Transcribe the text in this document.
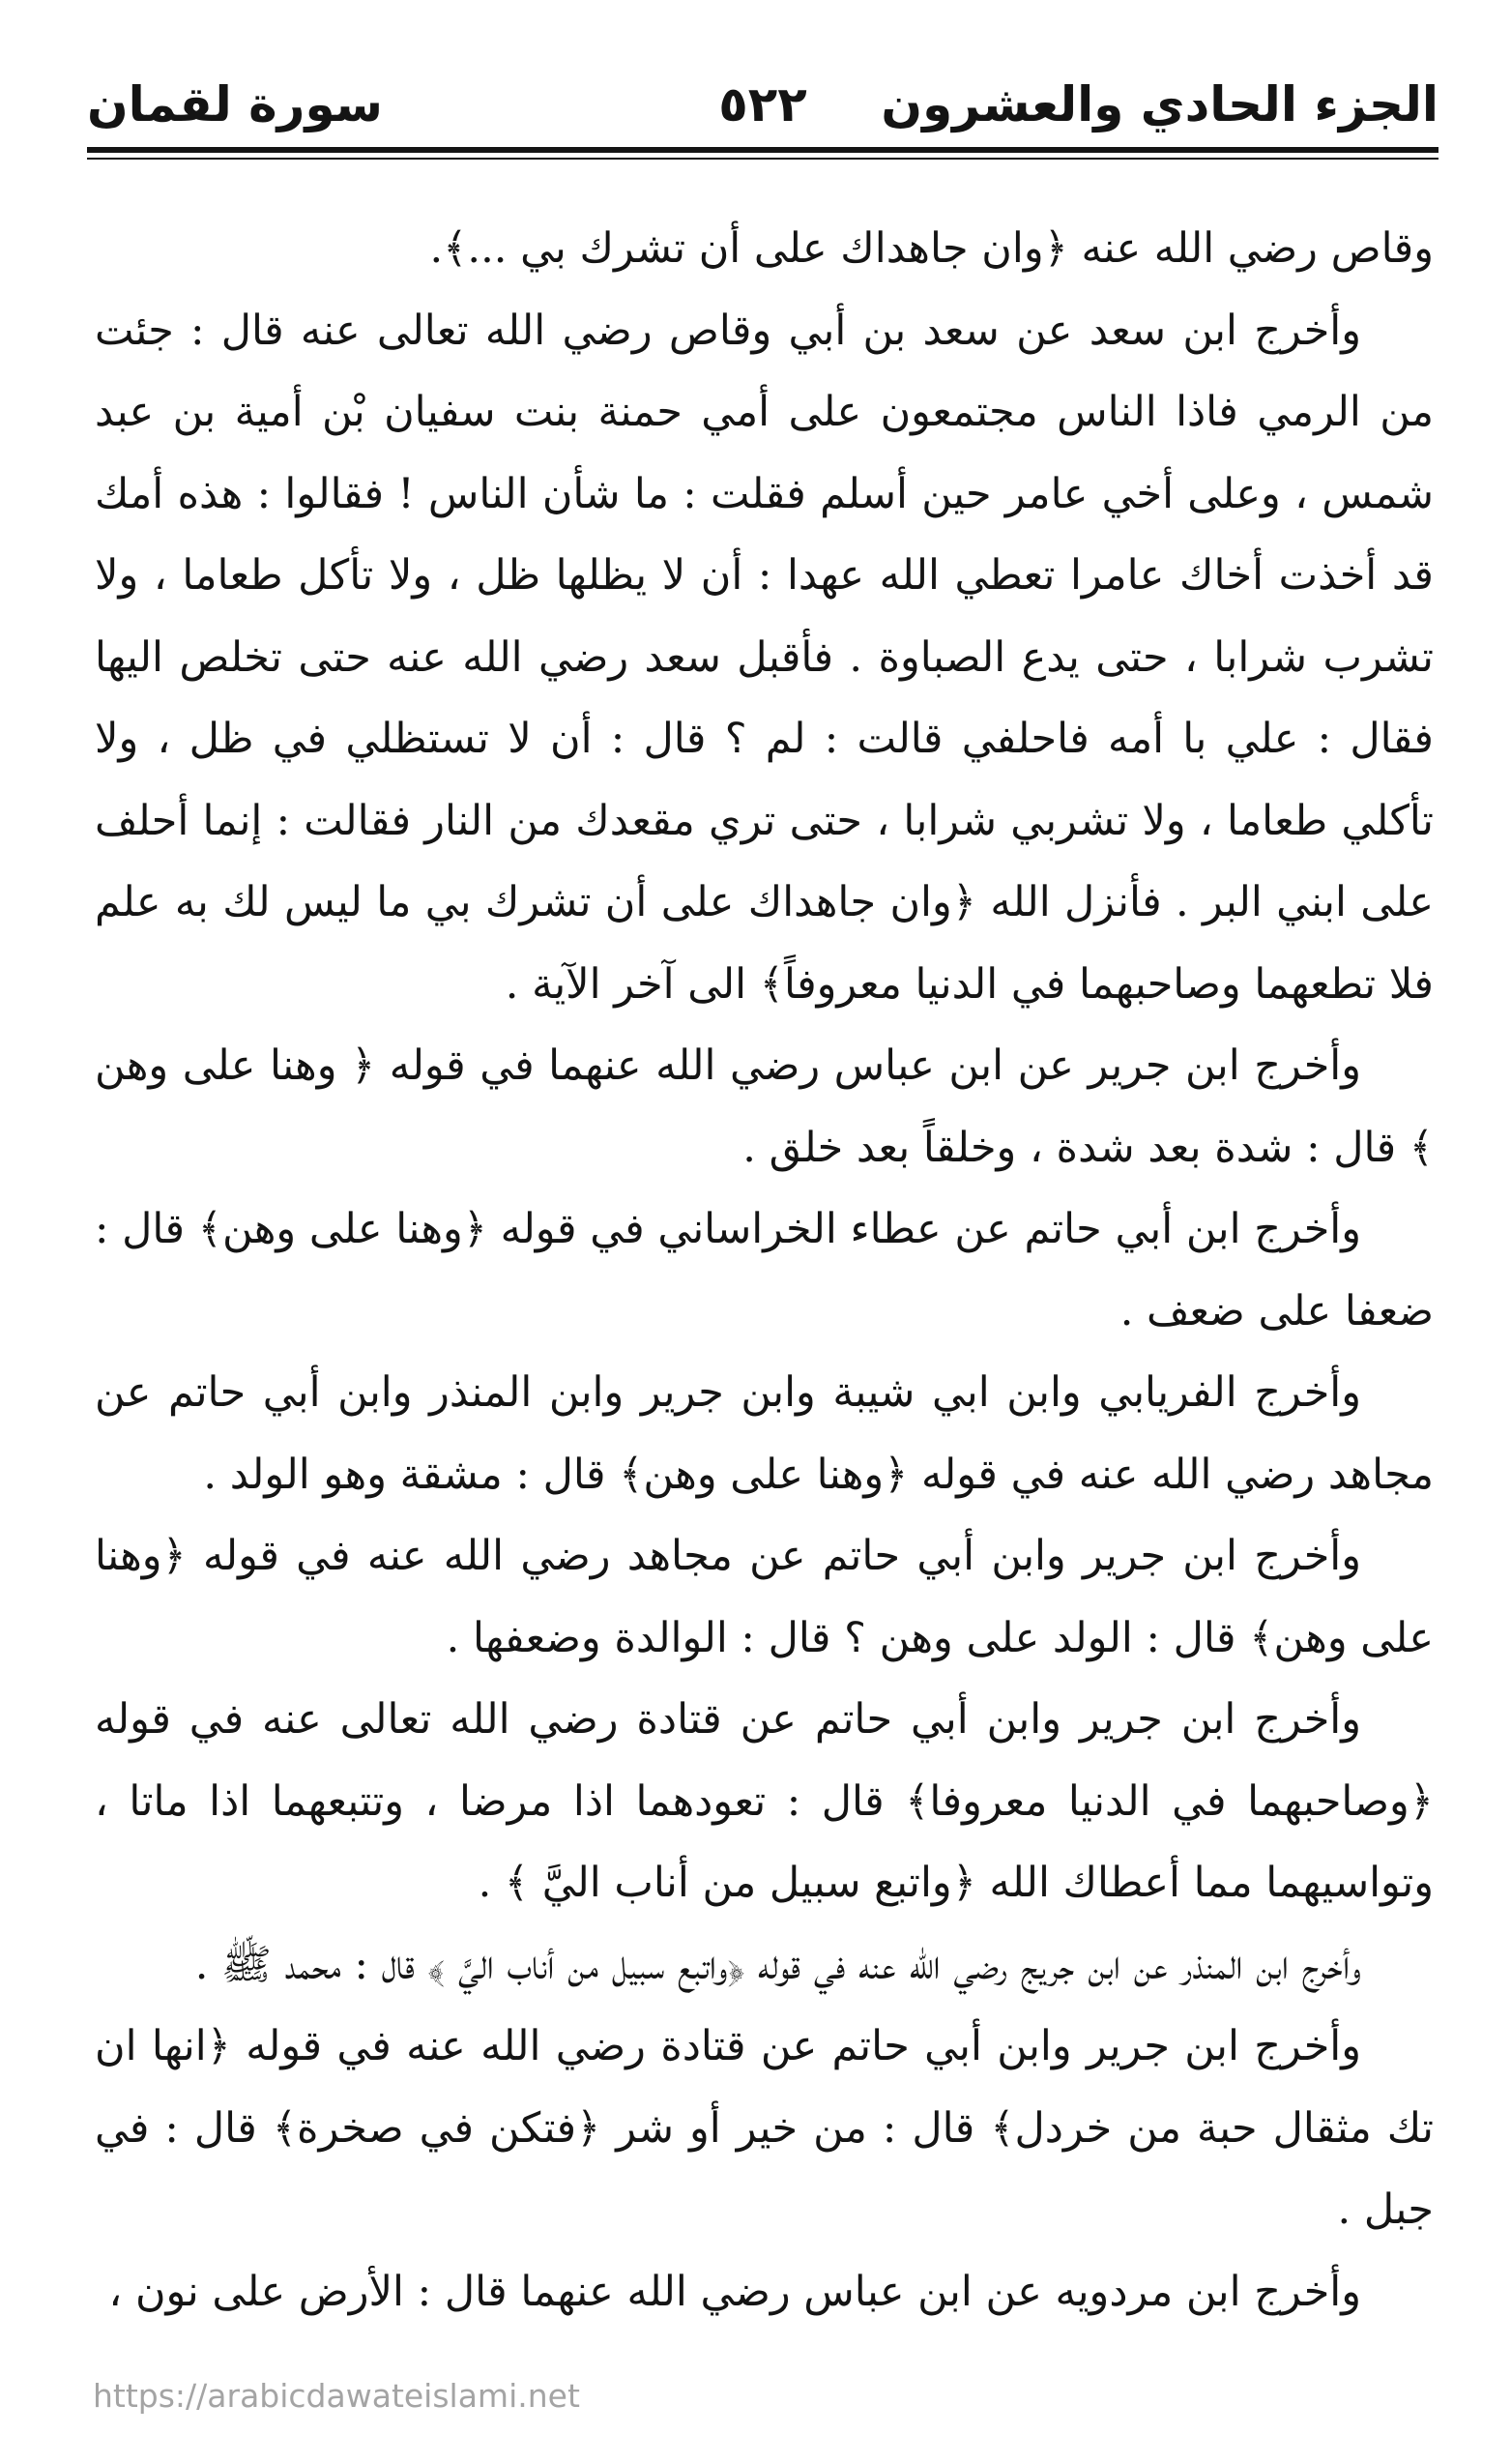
الجزء الحادي والعشرون
٥٢٢
سورة لقمان

وقاص رضي الله عنه ﴿وان جاهداك على أن تشرك بي ...﴾.

وأخرج ابن سعد عن سعد بن أبي وقاص رضي الله تعالى عنه قال : جئت من الرمي فاذا الناس مجتمعون على أمي حمنة بنت سفيان بْن أمية بن عبد شمس ، وعلى أخي عامر حين أسلم فقلت : ما شأن الناس ! فقالوا : هذه أمك قد أخذت أخاك عامرا تعطي الله عهدا : أن لا يظلها ظل ، ولا تأكل طعاما ، ولا تشرب شرابا ، حتى يدع الصباوة . فأقبل سعد رضي الله عنه حتى تخلص اليها فقال : علي با أمه فاحلفي قالت : لم ؟ قال : أن لا تستظلي في ظل ، ولا تأكلي طعاما ، ولا تشربي شرابا ، حتى تري مقعدك من النار فقالت : إنما أحلف على ابني البر . فأنزل الله ﴿وان جاهداك على أن تشرك بي ما ليس لك به علم فلا تطعهما وصاحبهما في الدنيا معروفاً﴾ الى آخر الآية .

وأخرج ابن جرير عن ابن عباس رضي الله عنهما في قوله ﴿ وهنا على وهن ﴾ قال : شدة بعد شدة ، وخلقاً بعد خلق .

وأخرج ابن أبي حاتم عن عطاء الخراساني في قوله ﴿وهنا على وهن﴾ قال : ضعفا على ضعف .

وأخرج الفريابي وابن ابي شيبة وابن جرير وابن المنذر وابن أبي حاتم عن مجاهد رضي الله عنه في قوله ﴿وهنا على وهن﴾ قال : مشقة وهو الولد .

وأخرج ابن جرير وابن أبي حاتم عن مجاهد رضي الله عنه في قوله ﴿وهنا على وهن﴾ قال : الولد على وهن ؟ قال : الوالدة وضعفها .

وأخرج ابن جرير وابن أبي حاتم عن قتادة رضي الله تعالى عنه في قوله ﴿وصاحبهما في الدنيا معروفا﴾ قال : تعودهما اذا مرضا ، وتتبعهما اذا ماتا ، وتواسيهما مما أعطاك الله ﴿واتبع سبيل من أناب اليَّ ﴾ .

وأخرج ابن المنذر عن ابن جريج رضي الله عنه في قوله ﴿واتبع سبيل من أناب اليَّ ﴾ قال : محمد ﷺ .

وأخرج ابن جرير وابن أبي حاتم عن قتادة رضي الله عنه في قوله ﴿انها ان تك مثقال حبة من خردل﴾ قال : من خير أو شر ﴿فتكن في صخرة﴾ قال : في جبل .

وأخرج ابن مردويه عن ابن عباس رضي الله عنهما قال : الأرض على نون ،

https://arabicdawateislami.net
